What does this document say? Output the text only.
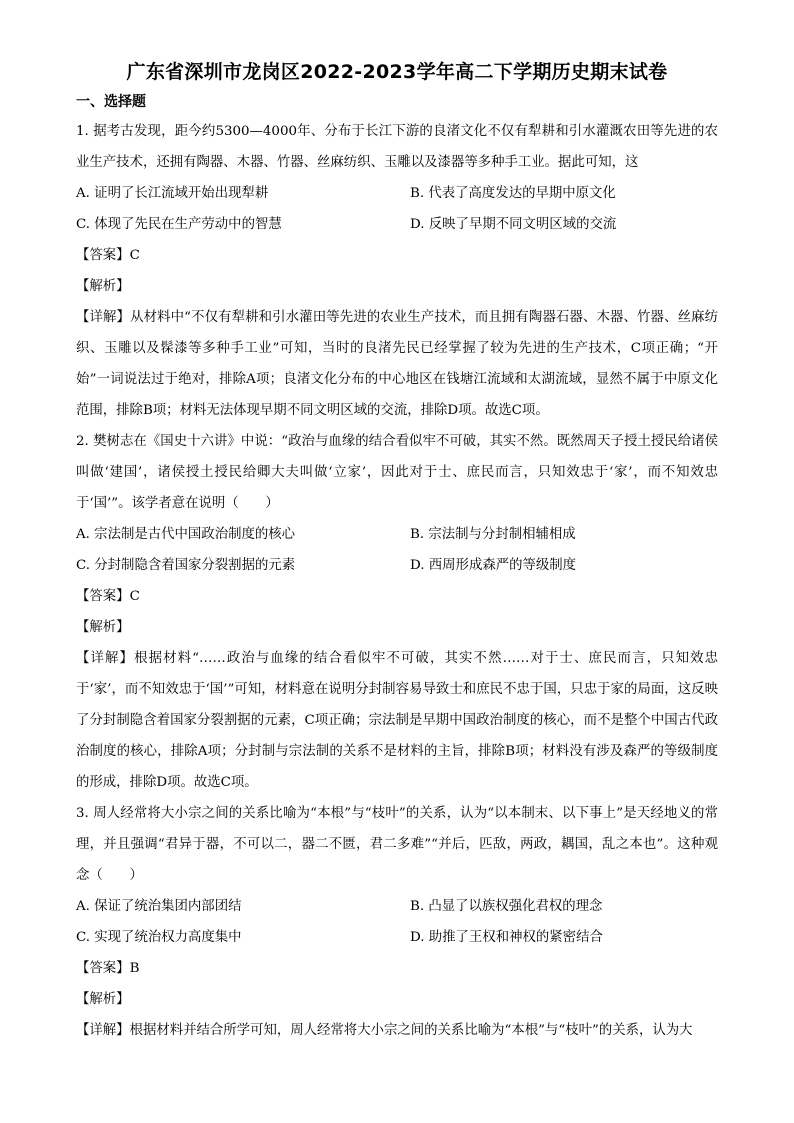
广东省深圳市龙岗区2022-2023学年高二下学期历史期末试卷
一、选择题

1. 据考古发现，距今约5300—4000年、分布于长江下游的良渚文化不仅有犁耕和引水灌溉农田等先进的农业生产技术，还拥有陶器、木器、竹器、丝麻纺织、玉雕以及漆器等多种手工业。据此可知，这

A. 证明了长江流域开始出现犁耕	B. 代表了高度发达的早期中原文化
C. 体现了先民在生产劳动中的智慧	D. 反映了早期不同文明区域的交流

【答案】C

【解析】

【详解】从材料中“不仅有犁耕和引水灌田等先进的农业生产技术，而且拥有陶器石器、木器、竹器、丝麻纺织、玉雕以及髹漆等多种手工业”可知，当时的良渚先民已经掌握了较为先进的生产技术，C项正确；“开始”一词说法过于绝对，排除A项；良渚文化分布的中心地区在钱塘江流域和太湖流域，显然不属于中原文化范围，排除B项；材料无法体现早期不同文明区域的交流，排除D项。故选C项。

2. 樊树志在《国史十六讲》中说：“政治与血缘的结合看似牢不可破，其实不然。既然周天子授土授民给诸侯叫做‘建国’，诸侯授土授民给卿大夫叫做‘立家’，因此对于士、庶民而言，只知效忠于‘家’，而不知效忠于‘国’”。该学者意在说明（　　）

A. 宗法制是古代中国政治制度的核心	B. 宗法制与分封制相辅相成
C. 分封制隐含着国家分裂割据的元素	D. 西周形成森严的等级制度

【答案】C

【解析】

【详解】根据材料“……政治与血缘的结合看似牢不可破，其实不然……对于士、庶民而言，只知效忠于‘家’，而不知效忠于‘国’”可知，材料意在说明分封制容易导致士和庶民不忠于国，只忠于家的局面，这反映了分封制隐含着国家分裂割据的元素，C项正确；宗法制是早期中国政治制度的核心，而不是整个中国古代政治制度的核心，排除A项；分封制与宗法制的关系不是材料的主旨，排除B项；材料没有涉及森严的等级制度的形成，排除D项。故选C项。

3. 周人经常将大小宗之间的关系比喻为“本根”与“枝叶”的关系，认为“以本制末、以下事上”是天经地义的常理，并且强调“君异于器，不可以二，器二不匮，君二多难”“并后，匹敌，两政，耦国，乱之本也”。这种观念（　　）

A. 保证了统治集团内部团结	B. 凸显了以族权强化君权的理念
C. 实现了统治权力高度集中	D. 助推了王权和神权的紧密结合

【答案】B

【解析】

【详解】根据材料并结合所学可知，周人经常将大小宗之间的关系比喻为“本根”与“枝叶”的关系，认为大
